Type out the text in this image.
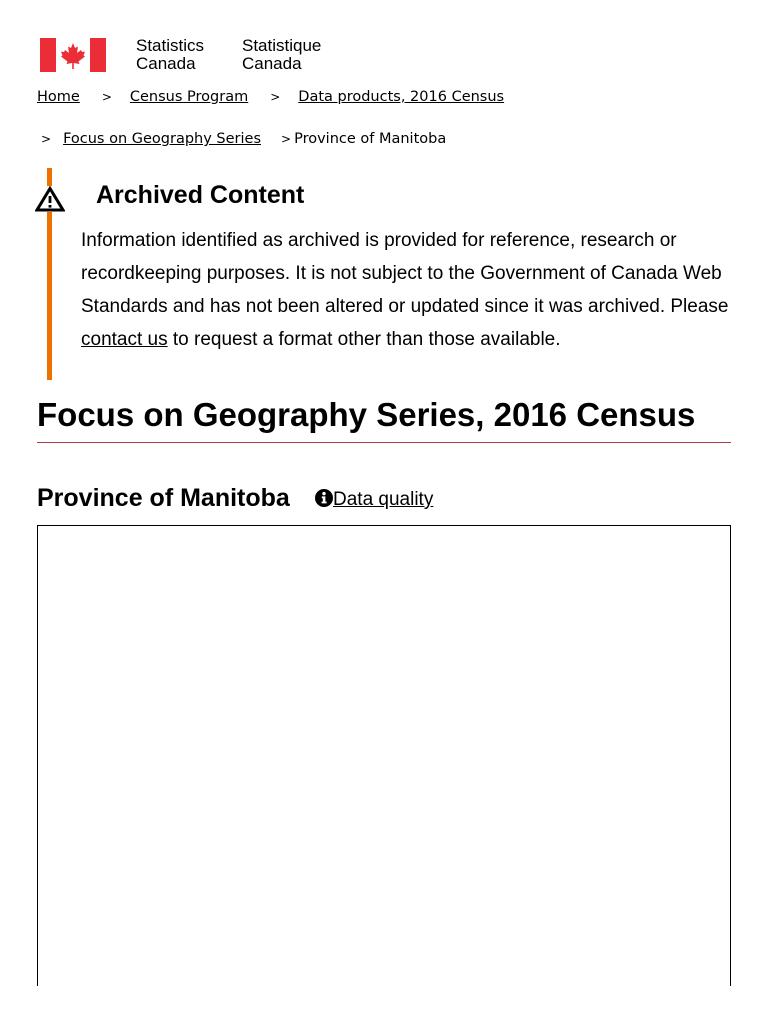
Statistics
Canada
Statistique
Canada
Home > Census Program > Data products, 2016 Census
> Focus on Geography Series > Province of Manitoba
Archived Content

Information identified as archived is provided for reference, research or recordkeeping purposes. It is not subject to the Government of Canada Web Standards and has not been altered or updated since it was archived. Please contact us to request a format other than those available.

Focus on Geography Series, 2016 Census
Province of Manitoba	Data quality
